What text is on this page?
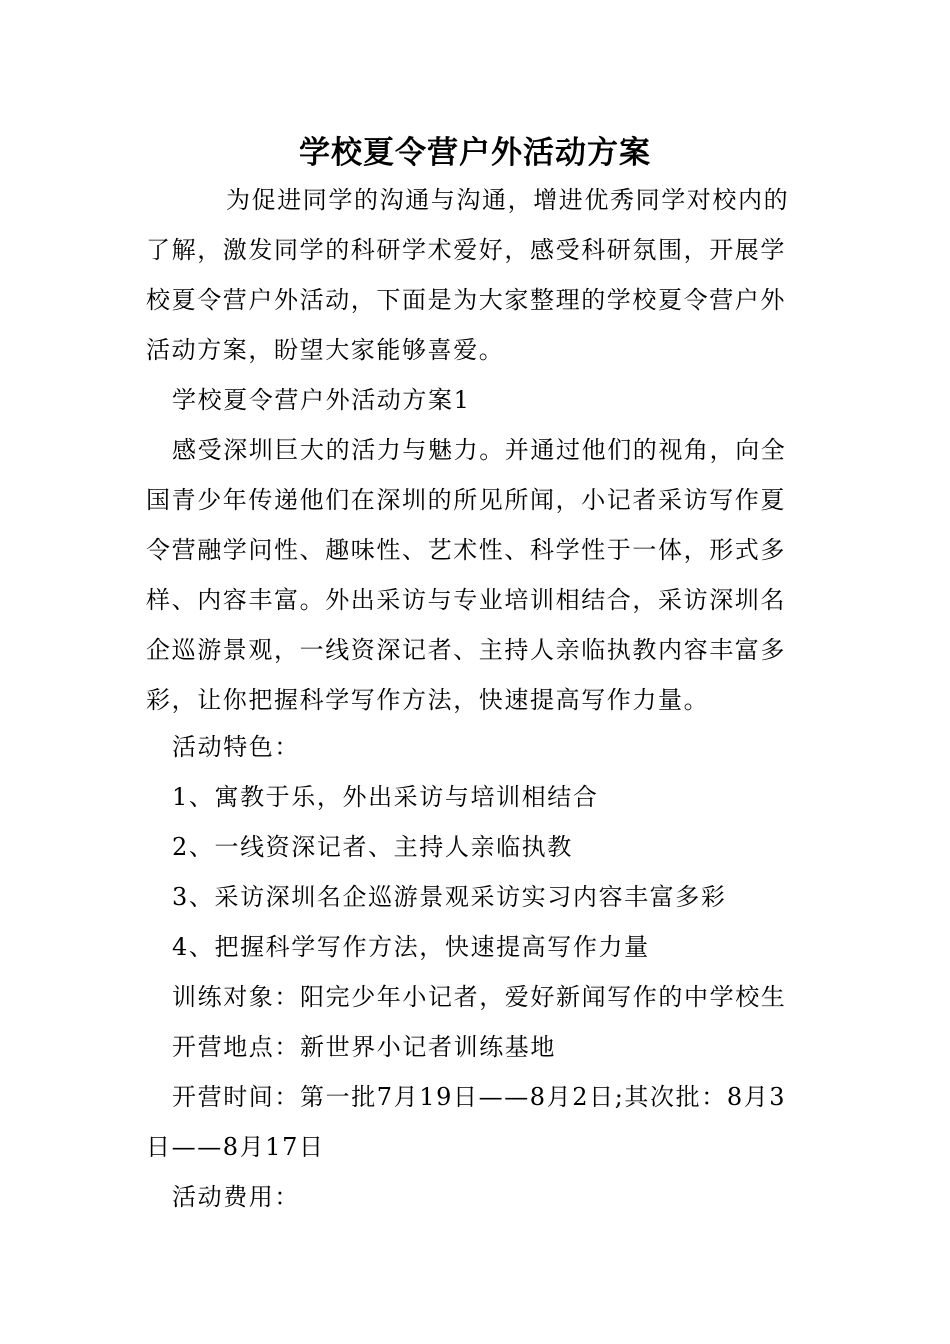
学校夏令营户外活动方案
为促进同学的沟通与沟通，增进优秀同学对校内的了解，激发同学的科研学术爱好，感受科研氛围，开展学校夏令营户外活动，下面是为大家整理的学校夏令营户外活动方案，盼望大家能够喜爱。
学校夏令营户外活动方案1
感受深圳巨大的活力与魅力。并通过他们的视角，向全国青少年传递他们在深圳的所见所闻，小记者采访写作夏令营融学问性、趣味性、艺术性、科学性于一体，形式多样、内容丰富。外出采访与专业培训相结合，采访深圳名企巡游景观，一线资深记者、主持人亲临执教内容丰富多彩，让你把握科学写作方法，快速提高写作力量。
活动特色：
1、寓教于乐，外出采访与培训相结合
2、一线资深记者、主持人亲临执教
3、采访深圳名企巡游景观采访实习内容丰富多彩
4、把握科学写作方法，快速提高写作力量
训练对象：阳完少年小记者，爱好新闻写作的中学校生
开营地点：新世界小记者训练基地
开营时间：第一批7月19日——8月2日;其次批：8月3日——8月17日
活动费用：
